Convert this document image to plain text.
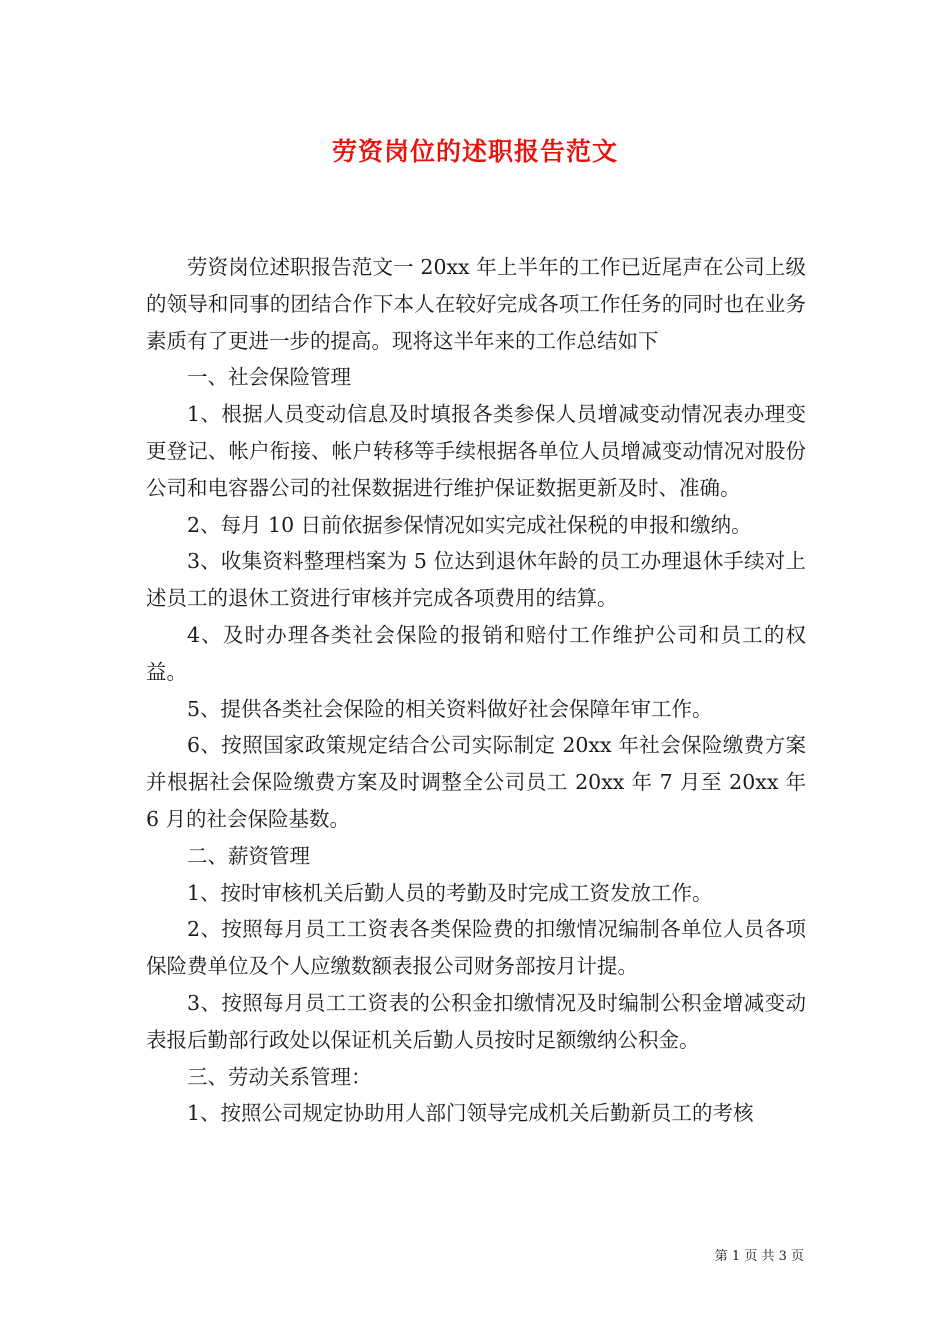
劳资岗位的述职报告范文

劳资岗位述职报告范文一 20xx 年上半年的工作已近尾声在公司上级的领导和同事的团结合作下本人在较好完成各项工作任务的同时也在业务素质有了更进一步的提高。现将这半年来的工作总结如下

一、社会保险管理

1、根据人员变动信息及时填报各类参保人员增减变动情况表办理变更登记、帐户衔接、帐户转移等手续根据各单位人员增减变动情况对股份公司和电容器公司的社保数据进行维护保证数据更新及时、准确。

2、每月 10 日前依据参保情况如实完成社保税的申报和缴纳。

3、收集资料整理档案为 5 位达到退休年龄的员工办理退休手续对上述员工的退休工资进行审核并完成各项费用的结算。

4、及时办理各类社会保险的报销和赔付工作维护公司和员工的权益。

5、提供各类社会保险的相关资料做好社会保障年审工作。

6、按照国家政策规定结合公司实际制定 20xx 年社会保险缴费方案并根据社会保险缴费方案及时调整全公司员工 20xx 年 7 月至 20xx 年 6 月的社会保险基数。

二、薪资管理

1、按时审核机关后勤人员的考勤及时完成工资发放工作。

2、按照每月员工工资表各类保险费的扣缴情况编制各单位人员各项保险费单位及个人应缴数额表报公司财务部按月计提。

3、按照每月员工工资表的公积金扣缴情况及时编制公积金增减变动表报后勤部行政处以保证机关后勤人员按时足额缴纳公积金。

三、劳动关系管理：

1、按照公司规定协助用人部门领导完成机关后勤新员工的考核

第 1 页 共 3 页
